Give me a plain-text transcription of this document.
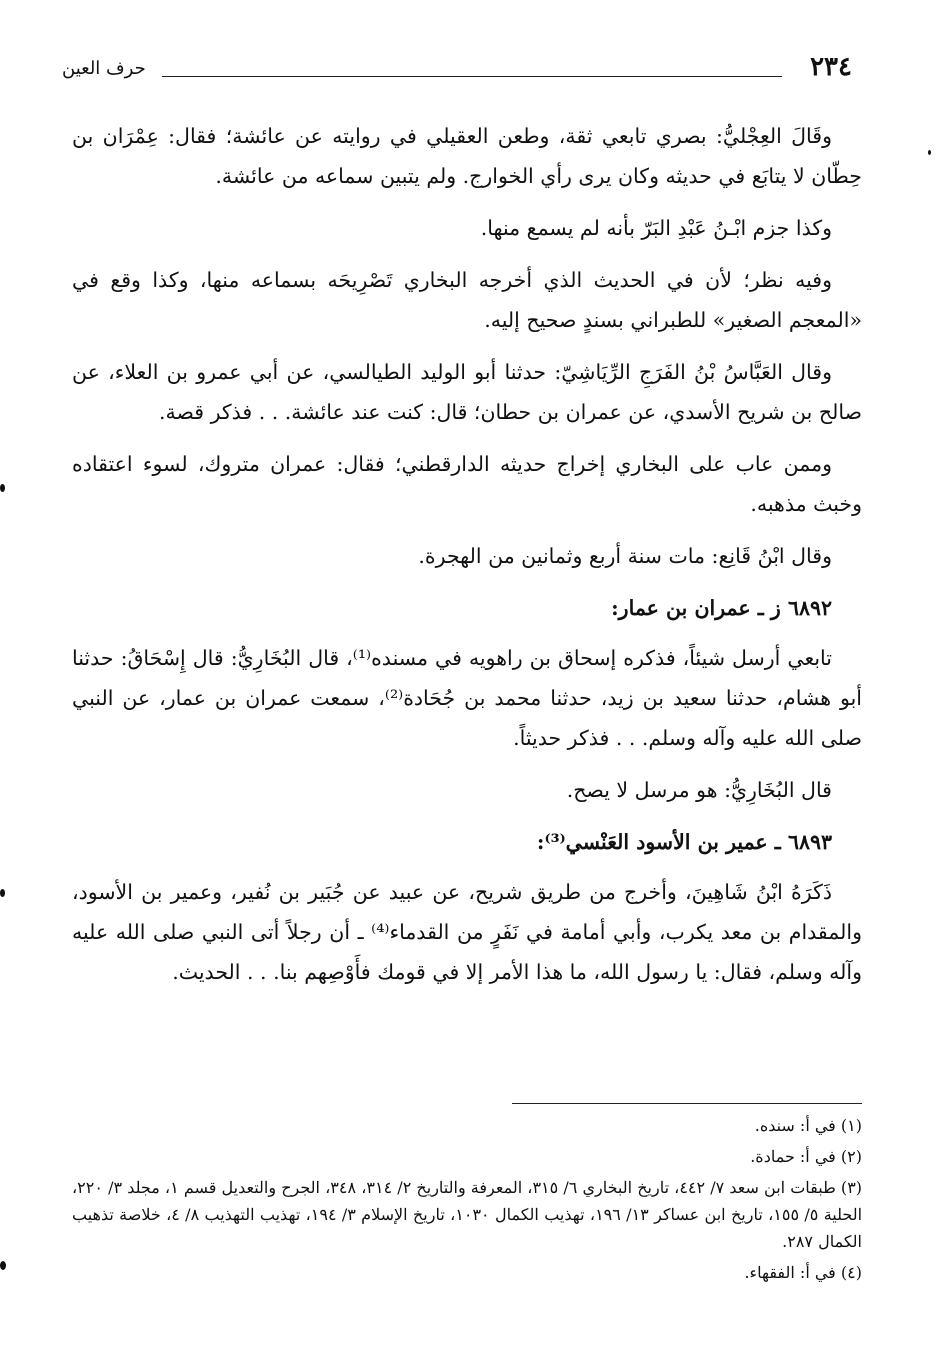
٢٣٤
حرف العين

وقَالَ العِجْليُّ: بصري تابعي ثقة، وطعن العقيلي في روايته عن عائشة؛ فقال: عِمْرَان بن حِطّان لا يتابَع في حديثه وكان يرى رأي الخوارج. ولم يتبين سماعه من عائشة.

وكذا جزم ابْـنُ عَبْدِ البَرّ بأنه لم يسمع منها.

وفيه نظر؛ لأن في الحديث الذي أخرجه البخاري تَصْرِيحَه بسماعه منها، وكذا وقع في «المعجم الصغير» للطبراني بسندٍ صحيح إليه.

وقال العَبَّاسُ بْنُ الفَرَجِ الرِّيَاشِيّ: حدثنا أبو الوليد الطيالسي، عن أبي عمرو بن العلاء، عن صالح بن شريح الأسدي، عن عمران بن حطان؛ قال: كنت عند عائشة. . . فذكر قصة.

وممن عاب على البخاري إخراج حديثه الدارقطني؛ فقال: عمران متروك، لسوء اعتقاده وخبث مذهبه.

وقال ابْنُ قَانِع: مات سنة أربع وثمانين من الهجرة.

٦٨٩٢ ز ـ عمران بن عمار:

تابعي أرسل شيئاً، فذكره إسحاق بن راهويه في مسنده⁽¹⁾، قال البُخَارِيُّ: قال إِسْحَاقُ: حدثنا أبو هشام، حدثنا سعيد بن زيد، حدثنا محمد بن جُحَادة⁽²⁾، سمعت عمران بن عمار، عن النبي صلى الله عليه وآله وسلم. . . فذكر حديثاً.

قال البُخَارِيُّ: هو مرسل لا يصح.

٦٨٩٣ ـ عمير بن الأسود العَنْسي⁽³⁾:

ذَكَرَهُ ابْنُ شَاهِينَ، وأخرج من طريق شريح، عن عبيد عن جُبَير بن نُفير، وعمير بن الأسود، والمقدام بن معد يكرب، وأبي أمامة في نَفَرٍ من القدماء⁽⁴⁾ ـ أن رجلاً أتى النبي صلى الله عليه وآله وسلم، فقال: يا رسول الله، ما هذا الأمر إلا في قومك فأَوْصِهم بنا. . . الحديث.

(١) في أ: سنده.

(٢) في أ: حمادة.

(٣) طبقات ابن سعد ٧/ ٤٤٢، تاريخ البخاري ٦/ ٣١٥، المعرفة والتاريخ ٢/ ٣١٤، ٣٤٨، الجرح والتعديل قسم ١، مجلد ٣/ ٢٢٠، الحلية ٥/ ١٥٥، تاريخ ابن عساكر ١٣/ ١٩٦، تهذيب الكمال ١٠٣٠، تاريخ الإسلام ٣/ ١٩٤، تهذيب التهذيب ٨/ ٤، خلاصة تذهيب الكمال ٢٨٧.

(٤) في أ: الفقهاء.
